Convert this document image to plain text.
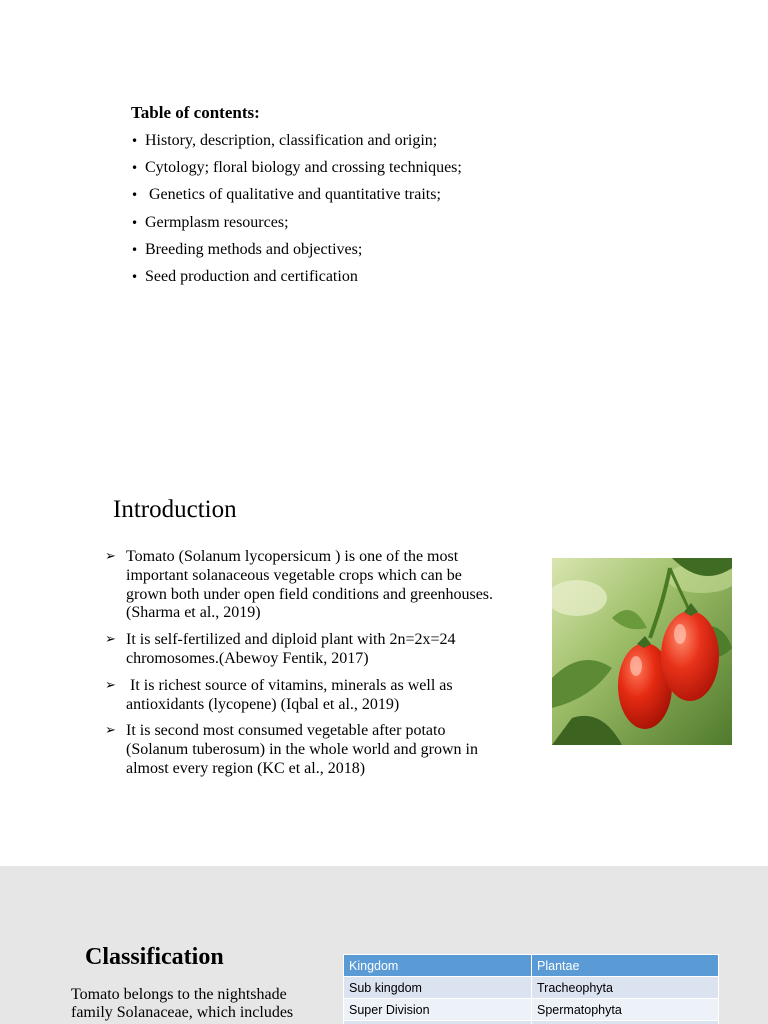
Table of contents:
• History, description, classification and origin;
• Cytology; floral biology and crossing techniques;
• Genetics of qualitative and quantitative traits;
• Germplasm resources;
• Breeding methods and objectives;
• Seed production and certification
Introduction
➢ Tomato (Solanum lycopersicum ) is one of the most important solanaceous vegetable crops which can be grown both under open field conditions and greenhouses.(Sharma et al., 2019)
➢ It is self-fertilized and diploid plant with 2n=2x=24 chromosomes.(Abewoy Fentik, 2017)
➢ It is richest source of vitamins, minerals as well as antioxidants (lycopene) (Iqbal et al., 2019)
➢ It is second most consumed vegetable after potato (Solanum tuberosum) in the whole world and grown in almost every region (KC et al., 2018)
Classification
Tomato belongs to the nightshade family Solanaceae, which includes
Kingdom	Plantae
Sub kingdom	Tracheophyta
Super Division	Spermatophyta
